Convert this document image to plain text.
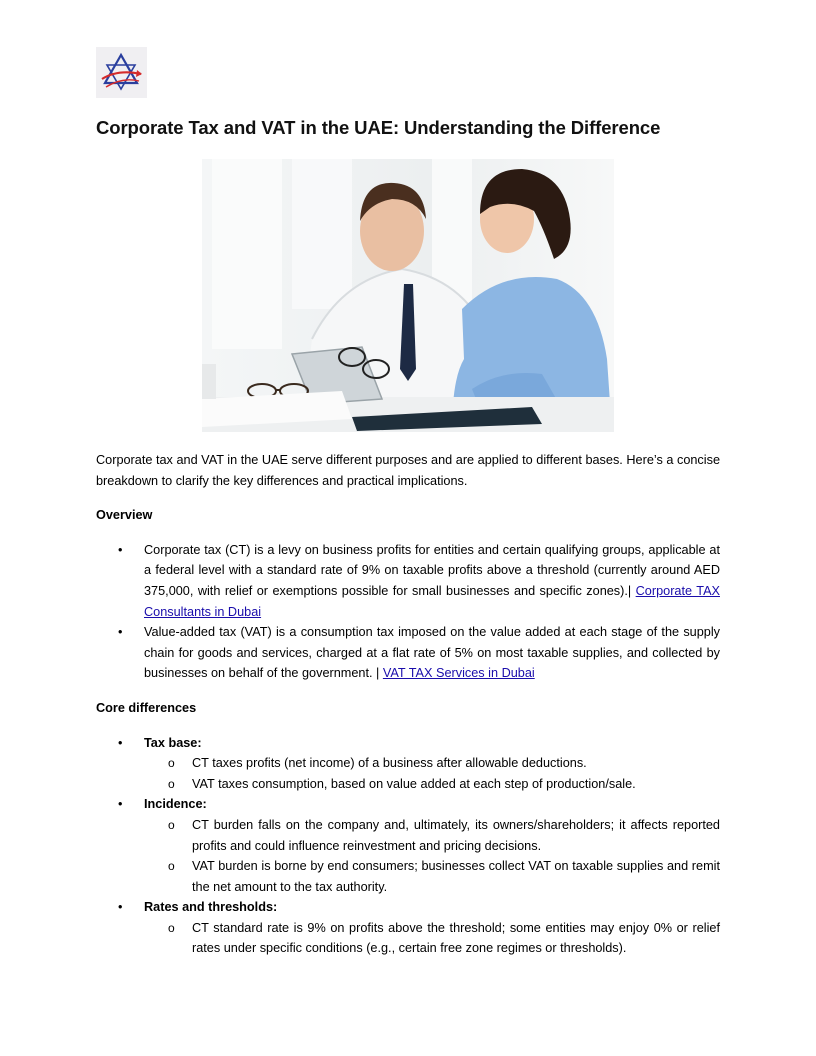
Corporate Tax and VAT in the UAE: Understanding the Difference

Corporate tax and VAT in the UAE serve different purposes and are applied to different bases. Here’s a concise breakdown to clarify the key differences and practical implications.

Overview

• Corporate tax (CT) is a levy on business profits for entities and certain qualifying groups, applicable at a federal level with a standard rate of 9% on taxable profits above a threshold (currently around AED 375,000, with relief or exemptions possible for small businesses and specific zones).| Corporate TAX Consultants in Dubai
• Value-added tax (VAT) is a consumption tax imposed on the value added at each stage of the supply chain for goods and services, charged at a flat rate of 5% on most taxable supplies, and collected by businesses on behalf of the government. | VAT TAX Services in Dubai

Core differences

• Tax base:
o CT taxes profits (net income) of a business after allowable deductions.
o VAT taxes consumption, based on value added at each step of production/sale.
• Incidence:
o CT burden falls on the company and, ultimately, its owners/shareholders; it affects reported profits and could influence reinvestment and pricing decisions.
o VAT burden is borne by end consumers; businesses collect VAT on taxable supplies and remit the net amount to the tax authority.
• Rates and thresholds:
o CT standard rate is 9% on profits above the threshold; some entities may enjoy 0% or relief rates under specific conditions (e.g., certain free zone regimes or thresholds).
